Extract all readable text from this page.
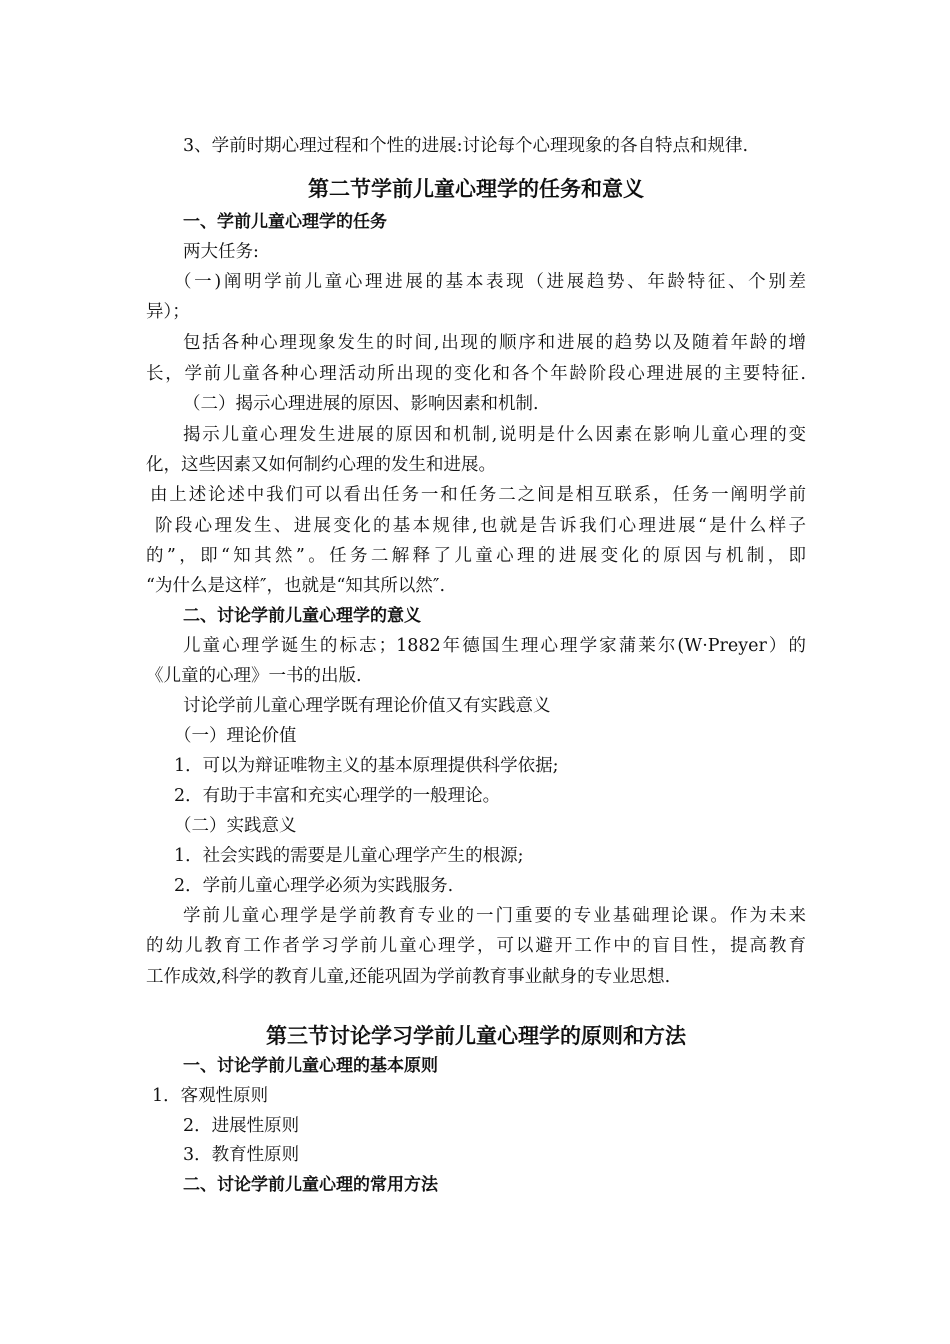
3、学前时期心理过程和个性的进展:讨论每个心理现象的各自特点和规律.
第二节学前儿童心理学的任务和意义
一、学前儿童心理学的任务
两大任务:
（一)阐明学前儿童心理进展的基本表现（进展趋势、年龄特征、个别差
异）；
包括各种心理现象发生的时间,出现的顺序和进展的趋势以及随着年龄的增
长，学前儿童各种心理活动所出现的变化和各个年龄阶段心理进展的主要特征.
（二）揭示心理进展的原因、影响因素和机制.
揭示儿童心理发生进展的原因和机制,说明是什么因素在影响儿童心理的变
化，这些因素又如何制约心理的发生和进展。
由上述论述中我们可以看出任务一和任务二之间是相互联系，任务一阐明学前
阶段心理发生、进展变化的基本规律,也就是告诉我们心理进展“是什么样子
的”，即“知其然”。任务二解释了儿童心理的进展变化的原因与机制，即
“为什么是这样″，也就是“知其所以然″.
二、讨论学前儿童心理学的意义
儿童心理学诞生的标志；1882年德国生理心理学家蒲莱尔(W·Preyer）的
《儿童的心理》一书的出版.
讨论学前儿童心理学既有理论价值又有实践意义
（一）理论价值
1．可以为辩证唯物主义的基本原理提供科学依据;
2．有助于丰富和充实心理学的一般理论。
（二）实践意义
1．社会实践的需要是儿童心理学产生的根源;
2．学前儿童心理学必须为实践服务.
学前儿童心理学是学前教育专业的一门重要的专业基础理论课。作为未来
的幼儿教育工作者学习学前儿童心理学，可以避开工作中的盲目性，提高教育
工作成效,科学的教育儿童,还能巩固为学前教育事业献身的专业思想.
第三节讨论学习学前儿童心理学的原则和方法
一、讨论学前儿童心理的基本原则
1．客观性原则
2．进展性原则
3．教育性原则
二、讨论学前儿童心理的常用方法
